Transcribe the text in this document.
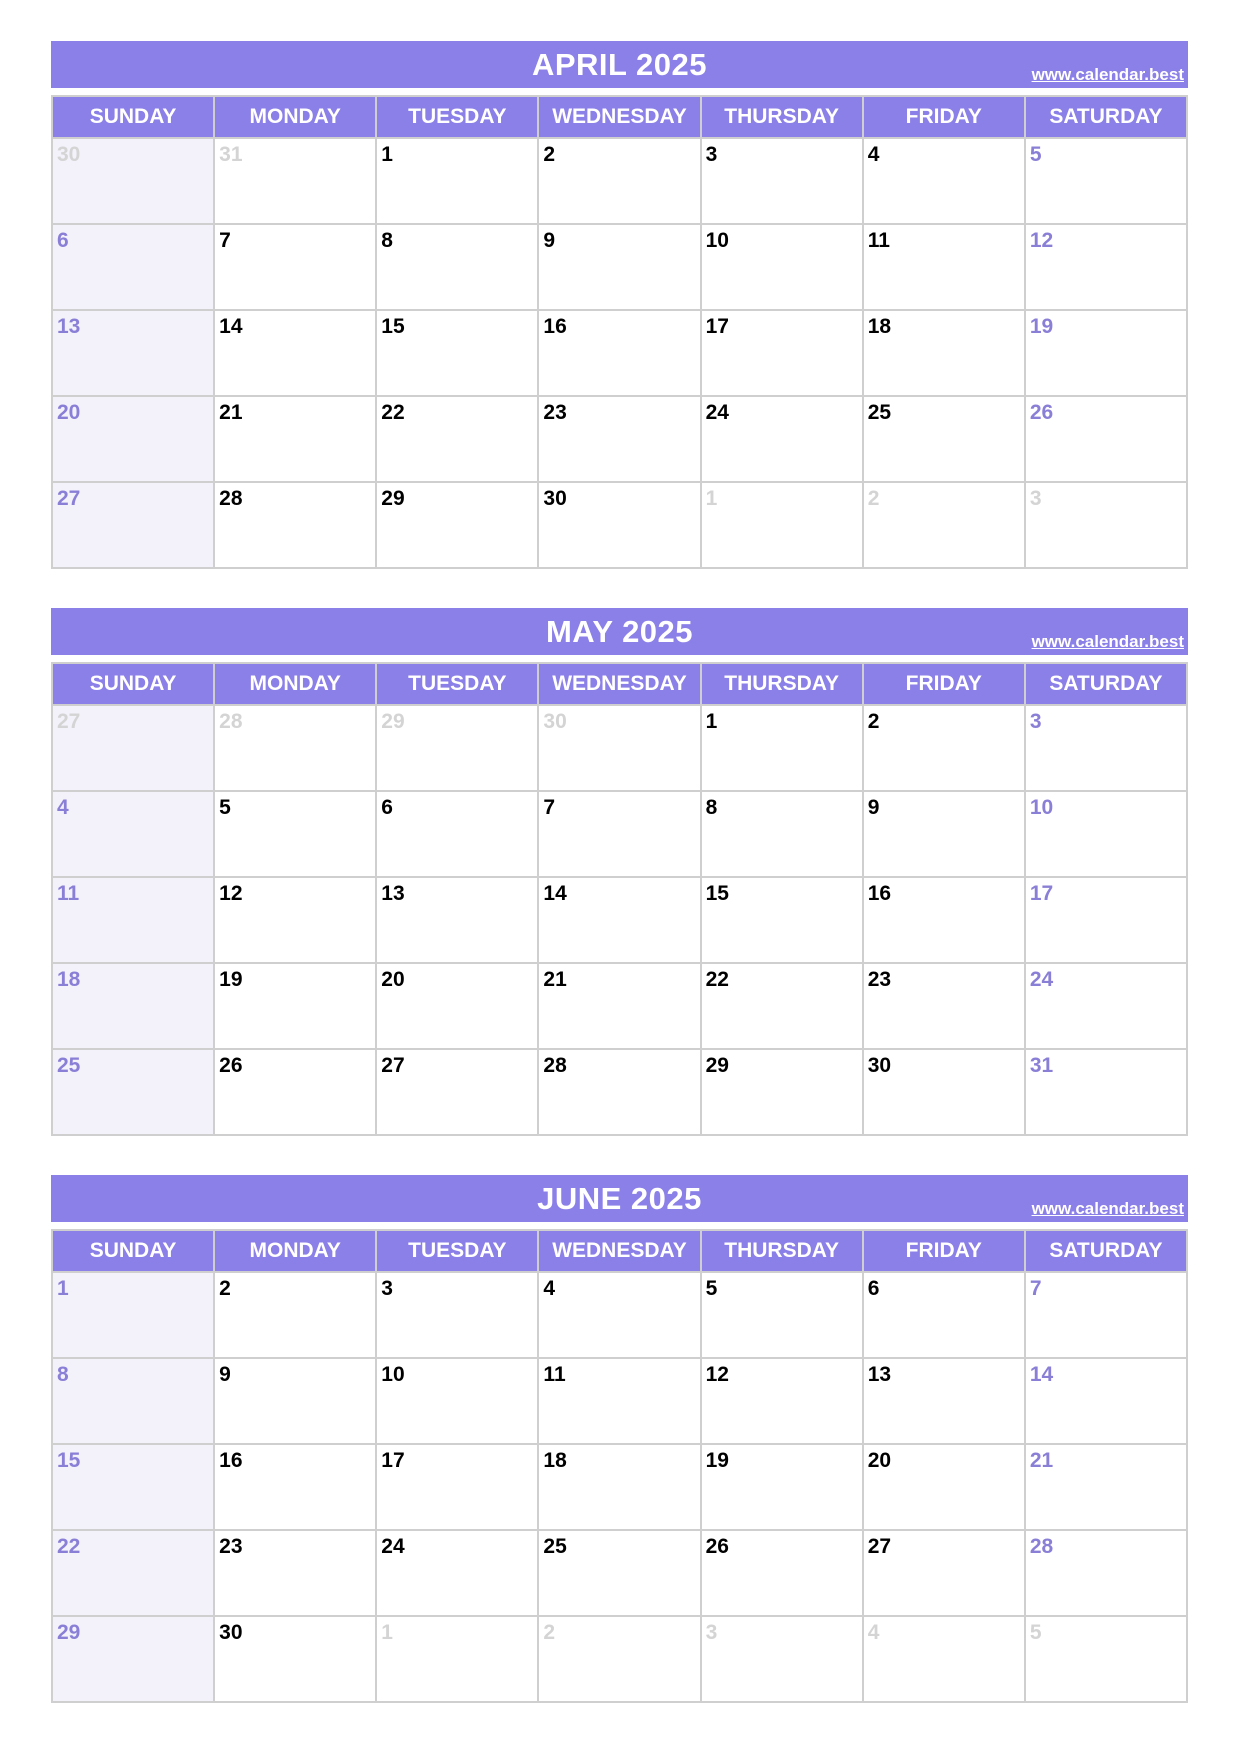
APRIL 2025	www.calendar.best
SUNDAY	MONDAY	TUESDAY	WEDNESDAY	THURSDAY	FRIDAY	SATURDAY
30	31	1	2	3	4	5
6	7	8	9	10	11	12
13	14	15	16	17	18	19
20	21	22	23	24	25	26
27	28	29	30	1	2	3
MAY 2025	www.calendar.best
SUNDAY	MONDAY	TUESDAY	WEDNESDAY	THURSDAY	FRIDAY	SATURDAY
27	28	29	30	1	2	3
4	5	6	7	8	9	10
11	12	13	14	15	16	17
18	19	20	21	22	23	24
25	26	27	28	29	30	31
JUNE 2025	www.calendar.best
SUNDAY	MONDAY	TUESDAY	WEDNESDAY	THURSDAY	FRIDAY	SATURDAY
1	2	3	4	5	6	7
8	9	10	11	12	13	14
15	16	17	18	19	20	21
22	23	24	25	26	27	28
29	30	1	2	3	4	5
